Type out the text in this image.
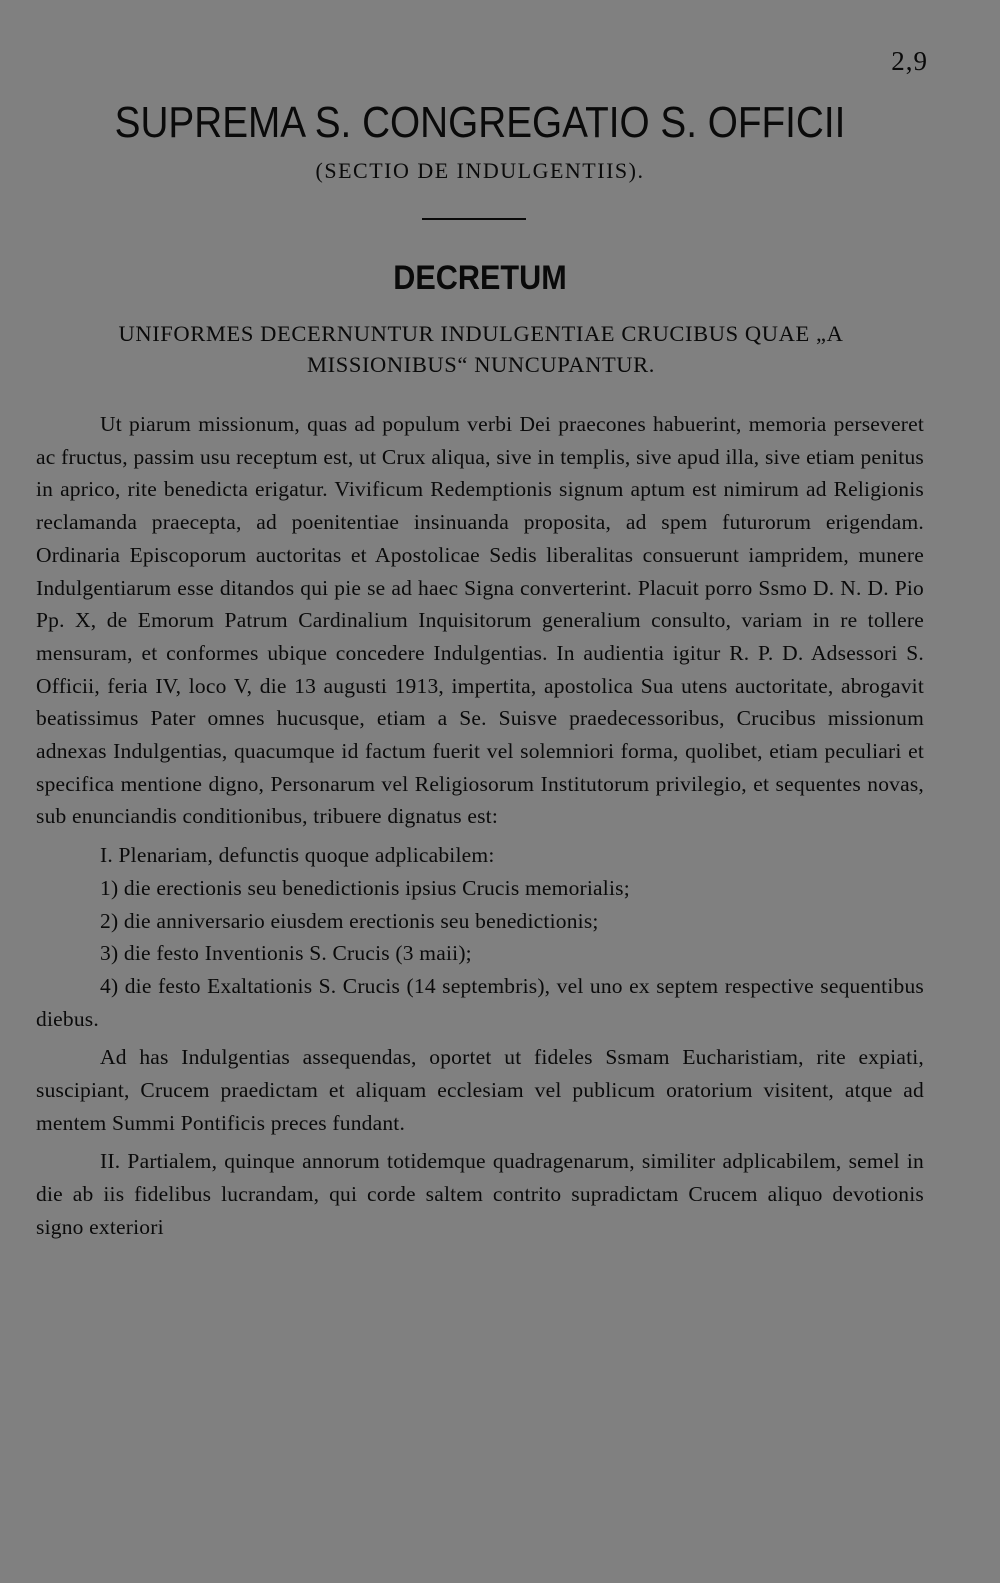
2,9
SUPREMA S. CONGREGATIO S. OFFICII
(SECTIO DE INDULGENTIIS).
DECRETUM
UNIFORMES DECERNUNTUR INDULGENTIAE CRUCIBUS QUAE „A MISSIONIBUS“ NUNCUPANTUR.

Ut piarum missionum, quas ad populum verbi Dei praecones habuerint, memoria perseveret ac fructus, passim usu receptum est, ut Crux aliqua, sive in templis, sive apud illa, sive etiam penitus in aprico, rite benedicta erigatur. Vivificum Redemptionis signum aptum est nimirum ad Religionis reclamanda praecepta, ad poenitentiae insinuanda proposita, ad spem futurorum erigendam. Ordinaria Episcoporum auctoritas et Apostolicae Sedis liberalitas consuerunt iampridem, munere Indulgentiarum esse ditandos qui pie se ad haec Signa converterint. Placuit porro Ssmo D. N. D. Pio Pp. X, de Emorum Patrum Cardinalium Inquisitorum generalium consulto, variam in re tollere mensuram, et conformes ubique concedere Indulgentias. In audientia igitur R. P. D. Adsessori S. Officii, feria IV, loco V, die 13 augusti 1913, impertita, apostolica Sua utens auctoritate, abrogavit beatissimus Pater omnes hucusque, etiam a Se. Suisve praedecessoribus, Crucibus missionum adnexas Indulgentias, quacumque id factum fuerit vel solemniori forma, quolibet, etiam peculiari et specifica mentione digno, Personarum vel Religiosorum Institutorum privilegio, et sequentes novas, sub enunciandis conditionibus, tribuere dignatus est:

I. Plenariam, defunctis quoque adplicabilem:

1) die erectionis seu benedictionis ipsius Crucis memorialis;

2) die anniversario eiusdem erectionis seu benedictionis;

3) die festo Inventionis S. Crucis (3 maii);

4) die festo Exaltationis S. Crucis (14 septembris), vel uno ex septem respective sequentibus diebus.

Ad has Indulgentias assequendas, oportet ut fideles Ssmam Eucharistiam, rite expiati, suscipiant, Crucem praedictam et aliquam ecclesiam vel publicum oratorium visitent, atque ad mentem Summi Pontificis preces fundant.

II. Partialem, quinque annorum totidemque quadragenarum, similiter adplicabilem, semel in die ab iis fidelibus lucrandam, qui corde saltem contrito supradictam Crucem aliquo devotionis signo exteriori
